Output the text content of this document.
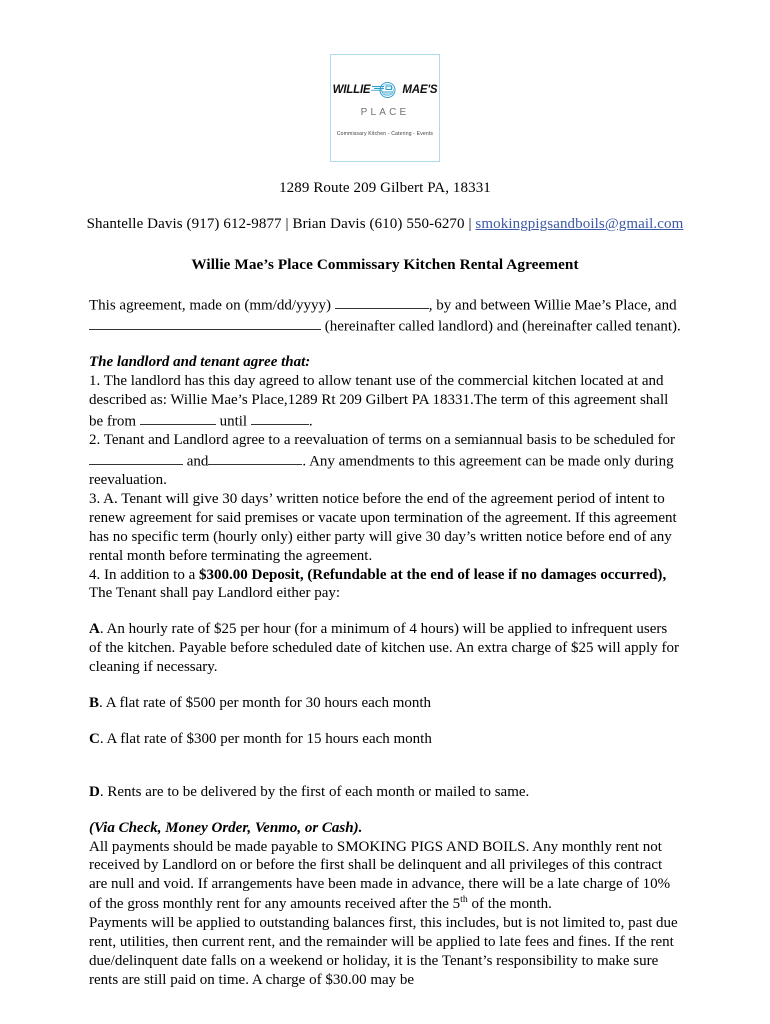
WILLIE	MAE'S
PLACE
Commissary Kitchen - Catering - Events
1289 Route 209 Gilbert PA, 18331
Shantelle Davis (917) 612-9877 | Brian Davis (610) 550-6270 | smokingpigsandboils@gmail.com
Willie Mae’s Place Commissary Kitchen Rental Agreement

This agreement, made on (mm/dd/yyyy)	, by and between Willie Mae’s Place, and  (hereinafter called landlord) and (hereinafter called tenant).

The landlord and tenant agree that:

1. The landlord has this day agreed to allow tenant use of the commercial kitchen located at and described as: Willie Mae’s Place,1289 Rt 209 Gilbert PA 18331.The term of this agreement shall be from	until	.

2. Tenant and Landlord agree to a reevaluation of terms on a semiannual basis to be scheduled for  and	. Any amendments to this agreement can be made only during reevaluation.

3. A. Tenant will give 30 days’ written notice before the end of the agreement period of intent to renew agreement for said premises or vacate upon termination of the agreement. If this agreement has no specific term (hourly only) either party will give 30 day’s written notice before end of any rental month before terminating the agreement.

4. In addition to a $300.00 Deposit, (Refundable at the end of lease if no damages occurred), The Tenant shall pay Landlord either pay:

A. An hourly rate of $25 per hour (for a minimum of 4 hours) will be applied to infrequent users of the kitchen. Payable before scheduled date of kitchen use. An extra charge of $25 will apply for cleaning if necessary.

B. A flat rate of $500 per month for 30 hours each month

C. A flat rate of $300 per month for 15 hours each month

D. Rents are to be delivered by the first of each month or mailed to same.

(Via Check, Money Order, Venmo, or Cash).

All payments should be made payable to SMOKING PIGS AND BOILS. Any monthly rent not received by Landlord on or before the first shall be delinquent and all privileges of this contract are null and void. If arrangements have been made in advance, there will be a late charge of 10% of the gross monthly rent for any amounts received after the 5th of the month.

Payments will be applied to outstanding balances first, this includes, but is not limited to, past due rent, utilities, then current rent, and the remainder will be applied to late fees and fines. If the rent due/delinquent date falls on a weekend or holiday, it is the Tenant’s responsibility to make sure rents are still paid on time. A charge of $30.00 may be
